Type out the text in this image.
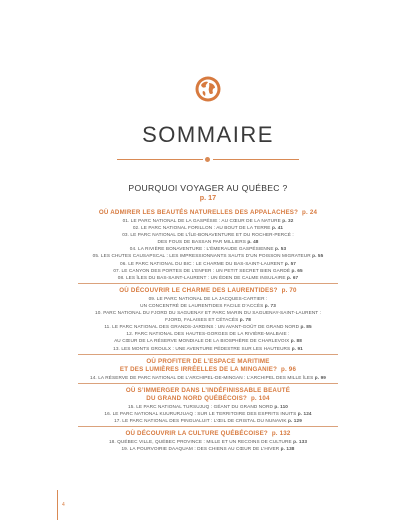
SOMMAIRE
POURQUOI VOYAGER AU QUÉBEC ?
p. 17
OÙ ADMIRER LES BEAUTÉS NATURELLES DES APPALACHES? p. 24
01. LE PARC NATIONAL DE LA GASPÉSIE : AU CŒUR DE LA NATURE p. 32
02. LE PARC NATIONAL FORILLON : AU BOUT DE LA TERRE p. 41
03. LE PARC NATIONAL DE L’ÎLE-BONAVENTURE ET DU ROCHER-PERCÉ :
DES FOUS DE BASSAN PAR MILLIERS p. 48
04. LA RIVIÈRE BONAVENTURE : L’ÉMERAUDE GASPÉSIENNE p. 53
05. LES CHUTES CAUSAPSCAL : LES IMPRESSIONNANTS SAUTS D’UN POISSON MIGRATEUR p. 55
06. LE PARC NATIONAL DU BIC : LE CHARME DU BAS-SAINT-LAURENT p. 57
07. LE CANYON DES PORTES DE L’ENFER : UN PETIT SECRET BIEN GARDÉ p. 65
08. LES ÎLES DU BAS-SAINT-LAURENT : UN ÉDEN DE CALME INSULAIRE p. 67
OÙ DÉCOUVRIR LE CHARME DES LAURENTIDES? p. 70
09. LE PARC NATIONAL DE LA JACQUES-CARTIER :
UN CONCENTRÉ DE LAURENTIDES FACILE D’ACCÈS p. 73
10. PARC NATIONAL DU FJORD DU SAGUENAY ET PARC MARIN DU SAGUENAY-SAINT-LAURENT :
FJORD, FALAISES ET CÉTACÉS p. 78
11. LE PARC NATIONAL DES GRANDS-JARDINS : UN AVANT-GOÛT DE GRAND NORD p. 85
12. PARC NATIONAL DES HAUTES-GORGES DE LA RIVIÈRE-MALBAIE :
AU CŒUR DE LA RÉSERVE MONDIALE DE LA BIOSPHÈRE DE CHARLEVOIX p. 88
13. LES MONTS GROULX : UNE AVENTURE PÉDESTRE SUR LES HAUTEURS p. 91
OÙ PROFITER DE L’ESPACE MARITIME
ET DES LUMIÈRES IRRÉELLES DE LA MINGANIE? p. 96
14. LA RÉSERVE DE PARC NATIONAL DE L’ARCHIPEL-DE-MINGAN : L’ARCHIPEL DES MILLE ÎLES p. 99
OÙ S’IMMERGER DANS L’INDÉFINISSABLE BEAUTÉ
DU GRAND NORD QUÉBÉCOIS? p. 104
15. LE PARC NATIONAL TURSUJUQ : GÉANT DU GRAND NORD p. 110
16. LE PARC NATIONAL KUURURJUAQ : SUR LE TERRITOIRE DES ESPRITS INUITS p. 124
17. LE PARC NATIONAL DES PINGUALUIT : L’ŒIL DE CRISTAL DU NUNAVIK p. 129
OÙ DÉCOUVRIR LA CULTURE QUÉBÉCOISE? p. 132
18. QUÉBEC VILLE, QUÉBEC PROVINCE : MILLE ET UN RECOINS DE CULTURE p. 133
19. LA POURVOIRIE DAAQUAM : DES CHIENS AU CŒUR DE L’HIVER p. 138
4
